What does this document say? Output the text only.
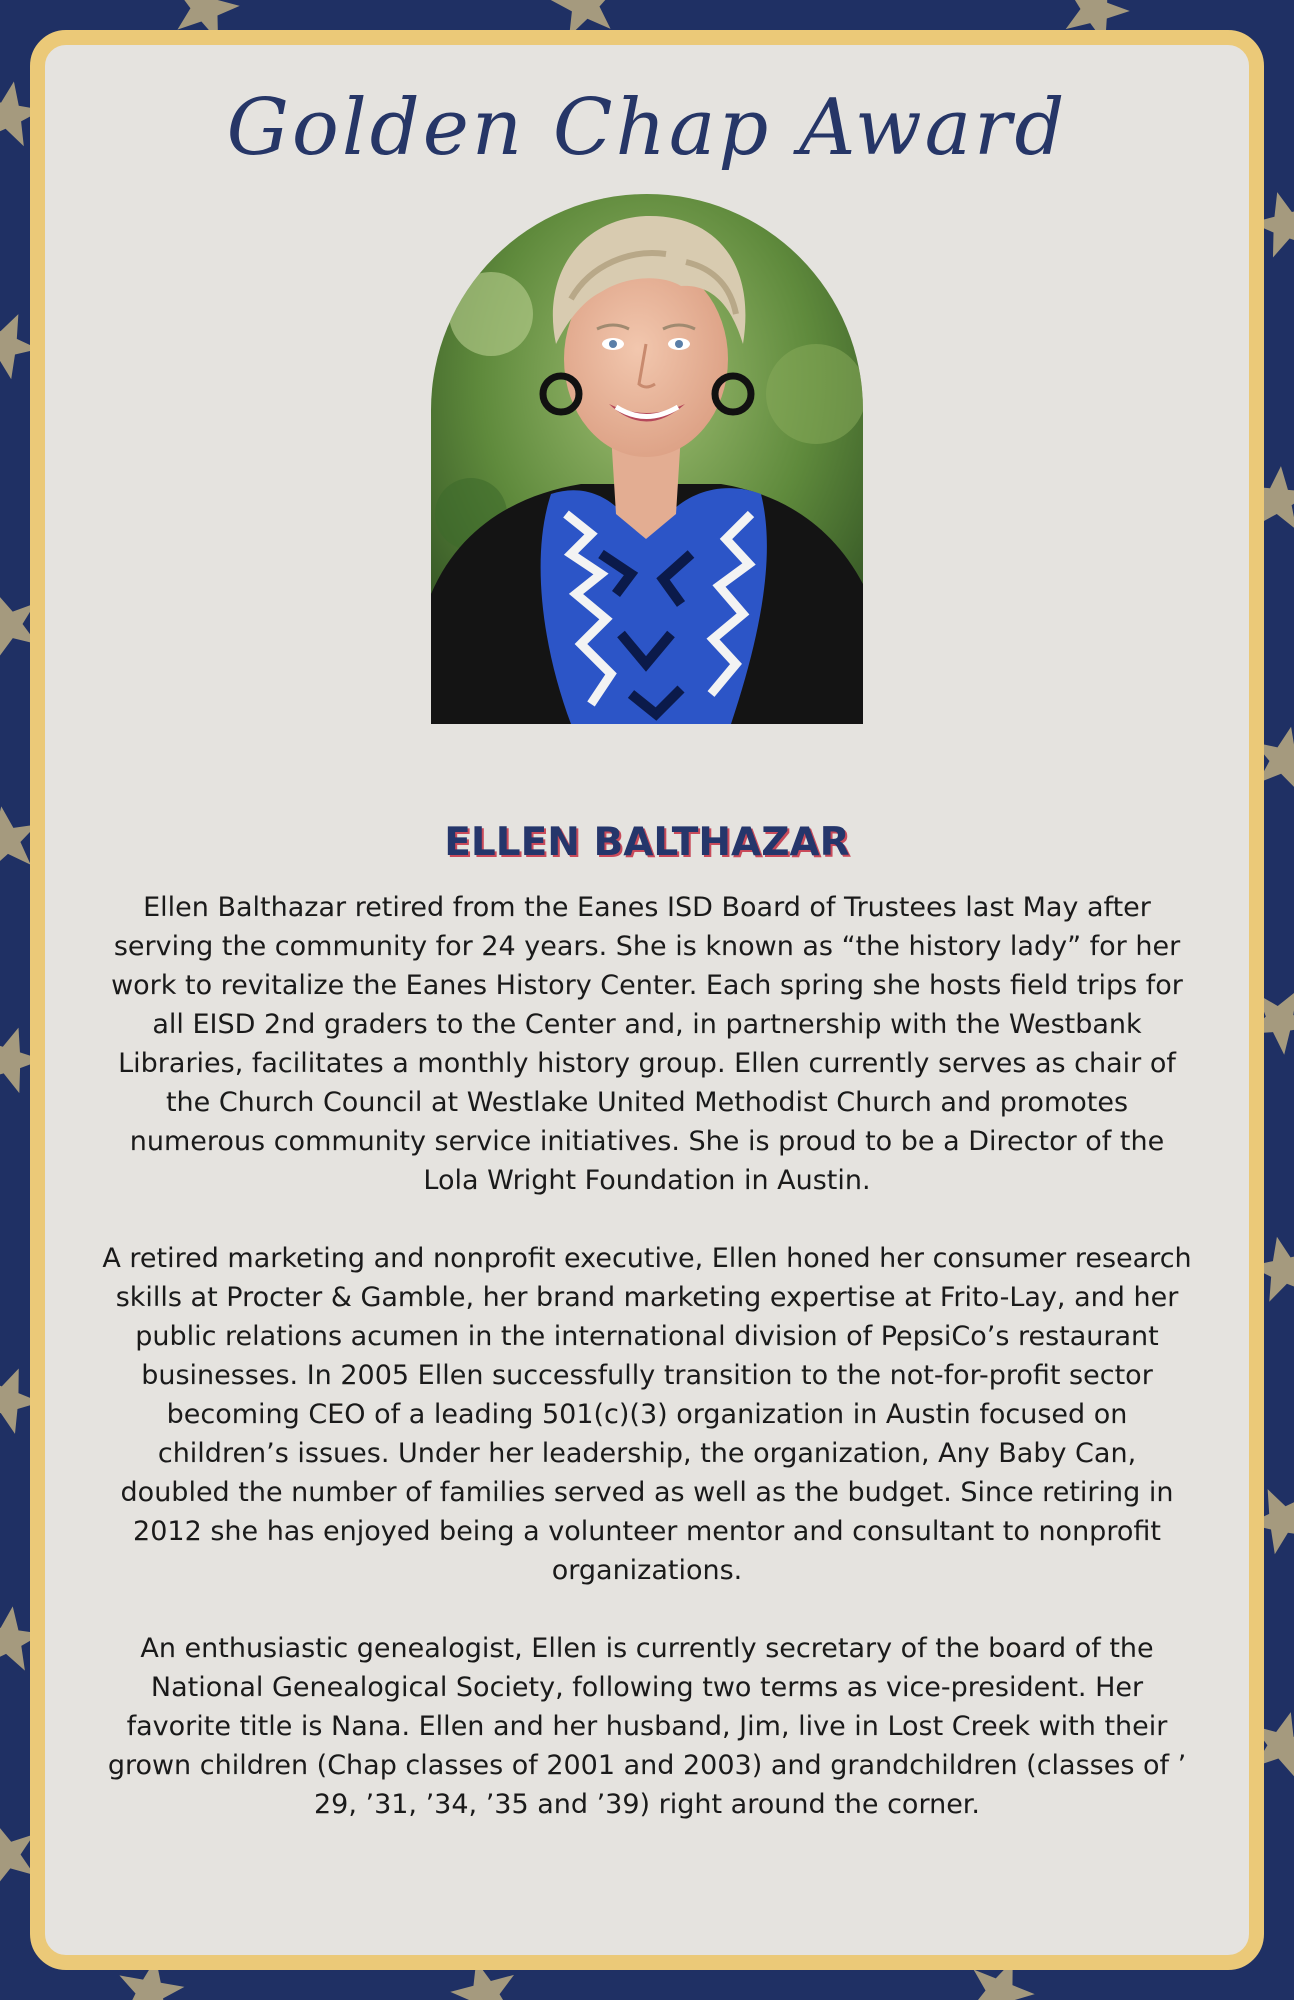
Golden Chap Award
ELLEN BALTHAZAR

Ellen Balthazar retired from the Eanes ISD Board of Trustees last May after serving the community for 24 years. She is known as “the history lady” for her work to revitalize the Eanes History Center. Each spring she hosts field trips for all EISD 2nd graders to the Center and, in partnership with the Westbank Libraries, facilitates a monthly history group. Ellen currently serves as chair of the Church Council at Westlake United Methodist Church and promotes numerous community service initiatives. She is proud to be a Director of the Lola Wright Foundation in Austin.

A retired marketing and nonprofit executive, Ellen honed her consumer research skills at Procter & Gamble, her brand marketing expertise at Frito-Lay, and her public relations acumen in the international division of PepsiCo’s restaurant businesses. In 2005 Ellen successfully transition to the not-for-profit sector becoming CEO of a leading 501(c)(3) organization in Austin focused on children’s issues. Under her leadership, the organization, Any Baby Can, doubled the number of families served as well as the budget. Since retiring in 2012 she has enjoyed being a volunteer mentor and consultant to nonprofit organizations.

An enthusiastic genealogist, Ellen is currently secretary of the board of the National Genealogical Society, following two terms as vice-president. Her favorite title is Nana. Ellen and her husband, Jim, live in Lost Creek with their grown children (Chap classes of 2001 and 2003) and grandchildren (classes of ’ 29, ’31, ’34, ’35 and ’39) right around the corner.
